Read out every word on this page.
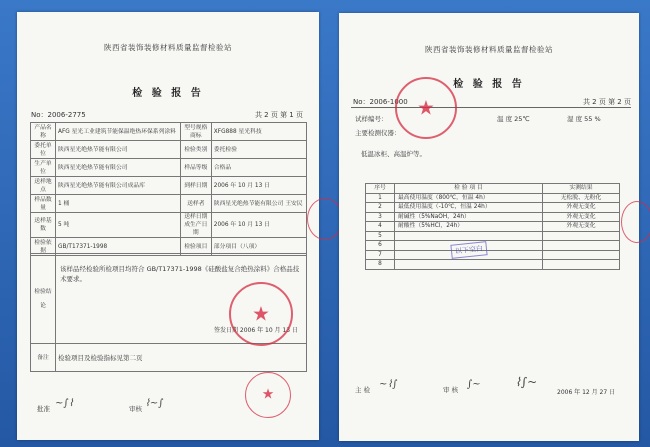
陕西省装饰装修材料质量监督检验站
检 验 报 告
No：2006-2775	共 2 页 第 1 页
产品名称	AFG 星光工业建筑节能保温绝热环保系列涂料	型号规格商标	XFG888 星光科技
委托单位	陕西星光绝热节能有限公司	检验类别	委托检验
生产单位	陕西星光绝热节能有限公司	样品等级	合格品
送样地点	陕西星光绝热节能有限公司成品库	到样日期	2006 年 10 月 13 日
样品数量	1 桶	送样者	陕西星光绝热节能有限公司 王安民
送样基数	5 吨	送样日期成生产日期	2006 年 10 月 13 日
检验依据	GB/T17371-1998	检验项目	部分项目（八项）
检验结论	该样品经检验所检项目均符合 GB/T17371-1998《硅酸盐复合绝热涂料》合格品技术要求。
签发日期 2006 年 10 月 13 日

备注	检验项目及检验指标见第二页
批准 ~∫⌇	审核 ⌇~∫
★
★
陕西省装饰装修材料质量监督检验站
检 验 报 告
No：2006-1000	共 2 页 第 2 页
试样编号：	温 度 25℃	湿 度 55 %
主要检测仪器：
低温冰柜、高温炉等。
序号	检 验 项 目	实测结果
1	最高使用温度（800℃，恒温 4h）	无松脱、无粉化
2	最低使用温度（-10℃，恒温 24h）	外观无变化
3	耐碱性（5%NaOH，24h）	外观无变化
4	耐酸性（5%HCl，24h）	外观无变化
5		
6		
7		
8		
以下空白
★
主 检 ~⌇∫	审 核 ∫~	⌇∫~
2006 年 12 月 27 日
